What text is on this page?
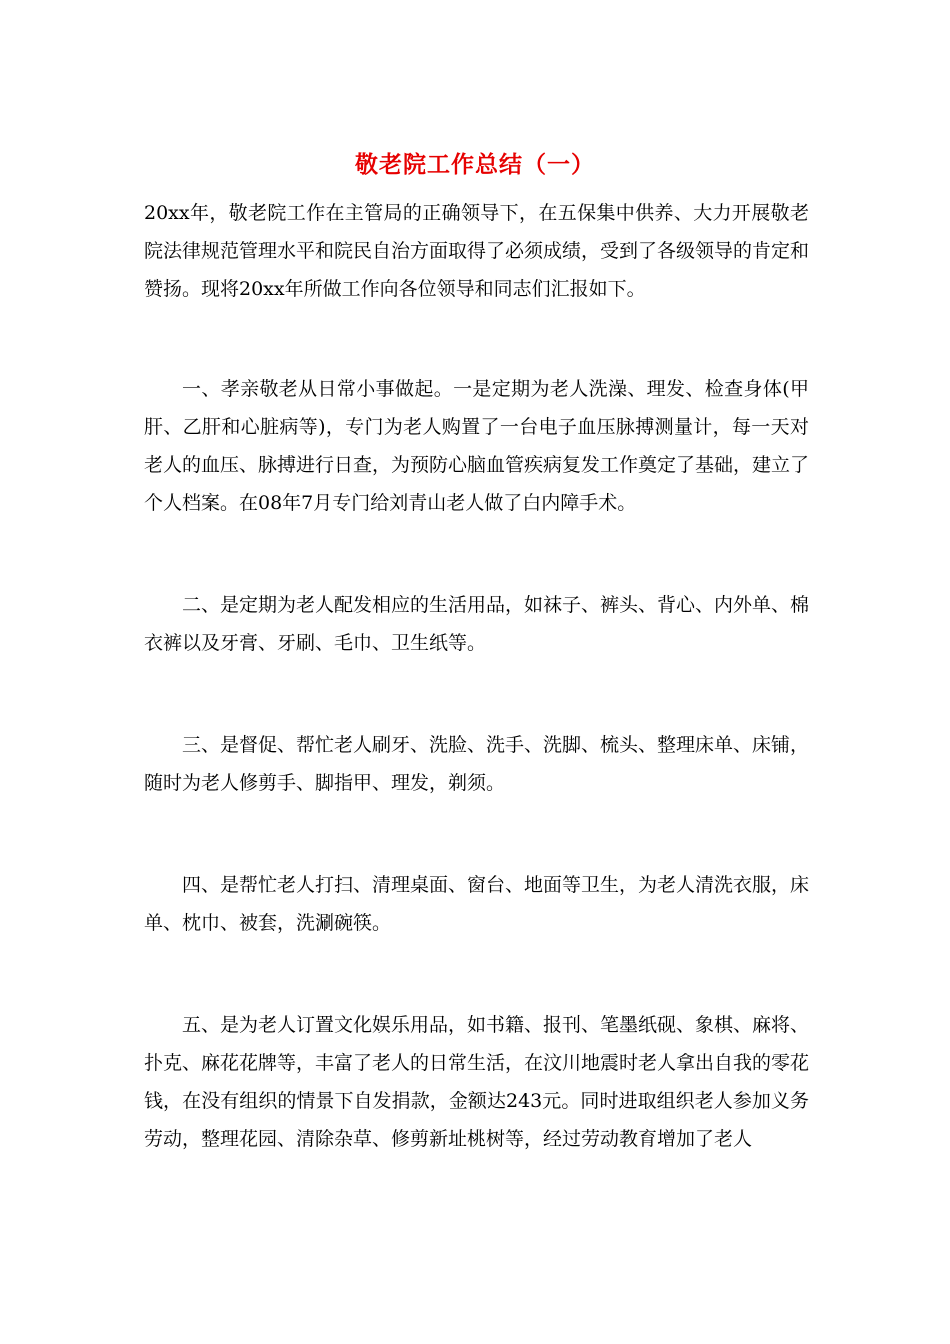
敬老院工作总结（一）

20xx年，敬老院工作在主管局的正确领导下，在五保集中供养、大力开展敬老院法律规范管理水平和院民自治方面取得了必须成绩，受到了各级领导的肯定和赞扬。现将20xx年所做工作向各位领导和同志们汇报如下。

一、孝亲敬老从日常小事做起。一是定期为老人洗澡、理发、检查身体(甲肝、乙肝和心脏病等)，专门为老人购置了一台电子血压脉搏测量计，每一天对老人的血压、脉搏进行日查，为预防心脑血管疾病复发工作奠定了基础，建立了个人档案。在08年7月专门给刘青山老人做了白内障手术。

二、是定期为老人配发相应的生活用品，如袜子、裤头、背心、内外单、棉衣裤以及牙膏、牙刷、毛巾、卫生纸等。

三、是督促、帮忙老人刷牙、洗脸、洗手、洗脚、梳头、整理床单、床铺，随时为老人修剪手、脚指甲、理发，剃须。

四、是帮忙老人打扫、清理桌面、窗台、地面等卫生，为老人清洗衣服，床单、枕巾、被套，洗涮碗筷。

五、是为老人订置文化娱乐用品，如书籍、报刊、笔墨纸砚、象棋、麻将、扑克、麻花花牌等，丰富了老人的日常生活，在汶川地震时老人拿出自我的零花钱，在没有组织的情景下自发捐款，金额达243元。同时进取组织老人参加义务劳动，整理花园、清除杂草、修剪新址桃树等，经过劳动教育增加了老人
